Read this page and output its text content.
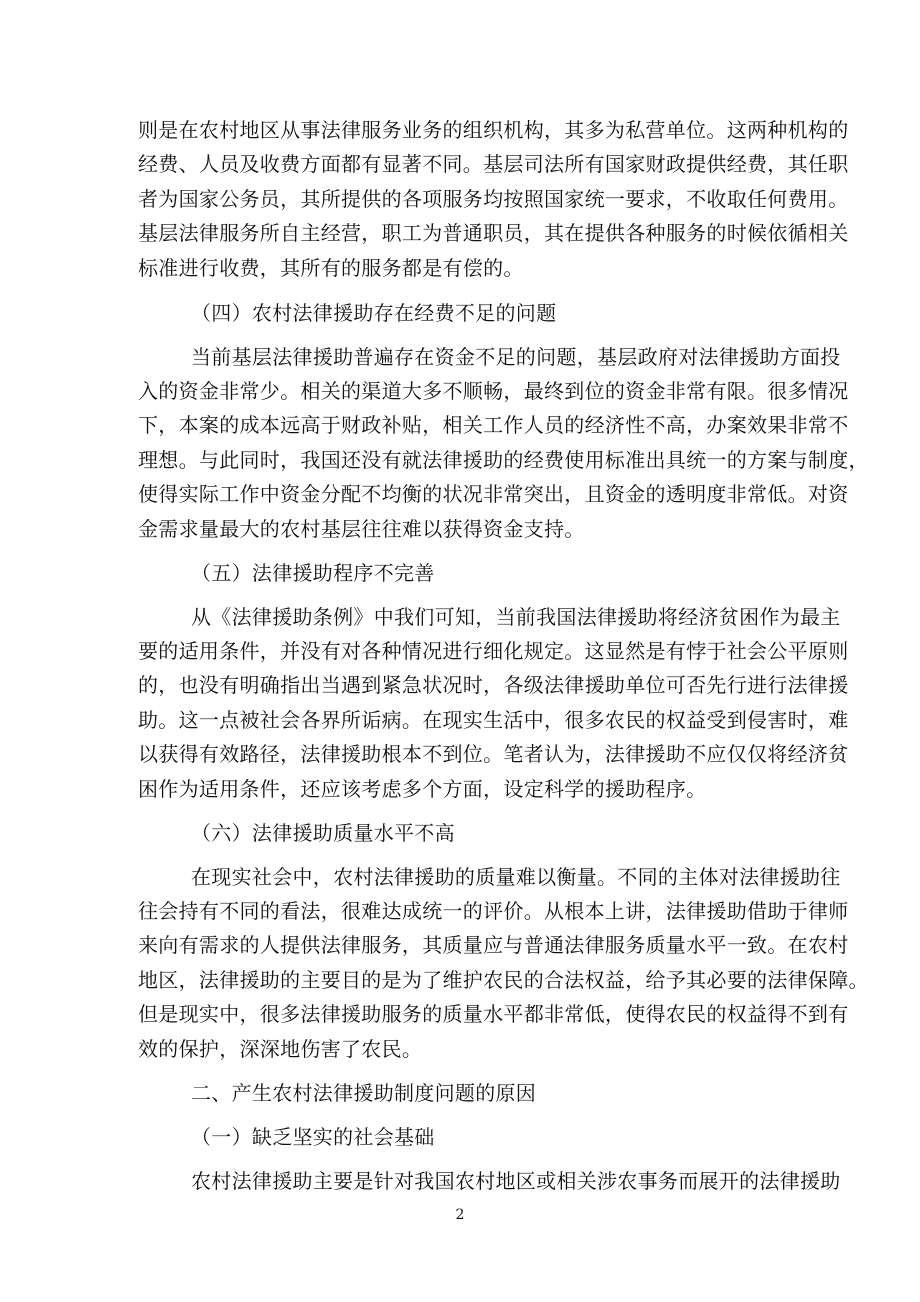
则是在农村地区从事法律服务业务的组织机构，其多为私营单位。这两种机构的
经费、人员及收费方面都有显著不同。基层司法所有国家财政提供经费，其任职
者为国家公务员，其所提供的各项服务均按照国家统一要求，不收取任何费用。
基层法律服务所自主经营，职工为普通职员，其在提供各种服务的时候依循相关
标准进行收费，其所有的服务都是有偿的。
（四）农村法律援助存在经费不足的问题
当前基层法律援助普遍存在资金不足的问题，基层政府对法律援助方面投
入的资金非常少。相关的渠道大多不顺畅，最终到位的资金非常有限。很多情况
下，本案的成本远高于财政补贴，相关工作人员的经济性不高，办案效果非常不
理想。与此同时，我国还没有就法律援助的经费使用标准出具统一的方案与制度，
使得实际工作中资金分配不均衡的状况非常突出，且资金的透明度非常低。对资
金需求量最大的农村基层往往难以获得资金支持。
（五）法律援助程序不完善
从《法律援助条例》中我们可知，当前我国法律援助将经济贫困作为最主
要的适用条件，并没有对各种情况进行细化规定。这显然是有悖于社会公平原则
的，也没有明确指出当遇到紧急状况时，各级法律援助单位可否先行进行法律援
助。这一点被社会各界所诟病。在现实生活中，很多农民的权益受到侵害时，难
以获得有效路径，法律援助根本不到位。笔者认为，法律援助不应仅仅将经济贫
困作为适用条件，还应该考虑多个方面，设定科学的援助程序。
（六）法律援助质量水平不高
在现实社会中，农村法律援助的质量难以衡量。不同的主体对法律援助往
往会持有不同的看法，很难达成统一的评价。从根本上讲，法律援助借助于律师
来向有需求的人提供法律服务，其质量应与普通法律服务质量水平一致。在农村
地区，法律援助的主要目的是为了维护农民的合法权益，给予其必要的法律保障。
但是现实中，很多法律援助服务的质量水平都非常低，使得农民的权益得不到有
效的保护，深深地伤害了农民。
二、产生农村法律援助制度问题的原因
（一）缺乏坚实的社会基础
农村法律援助主要是针对我国农村地区或相关涉农事务而展开的法律援助
2
